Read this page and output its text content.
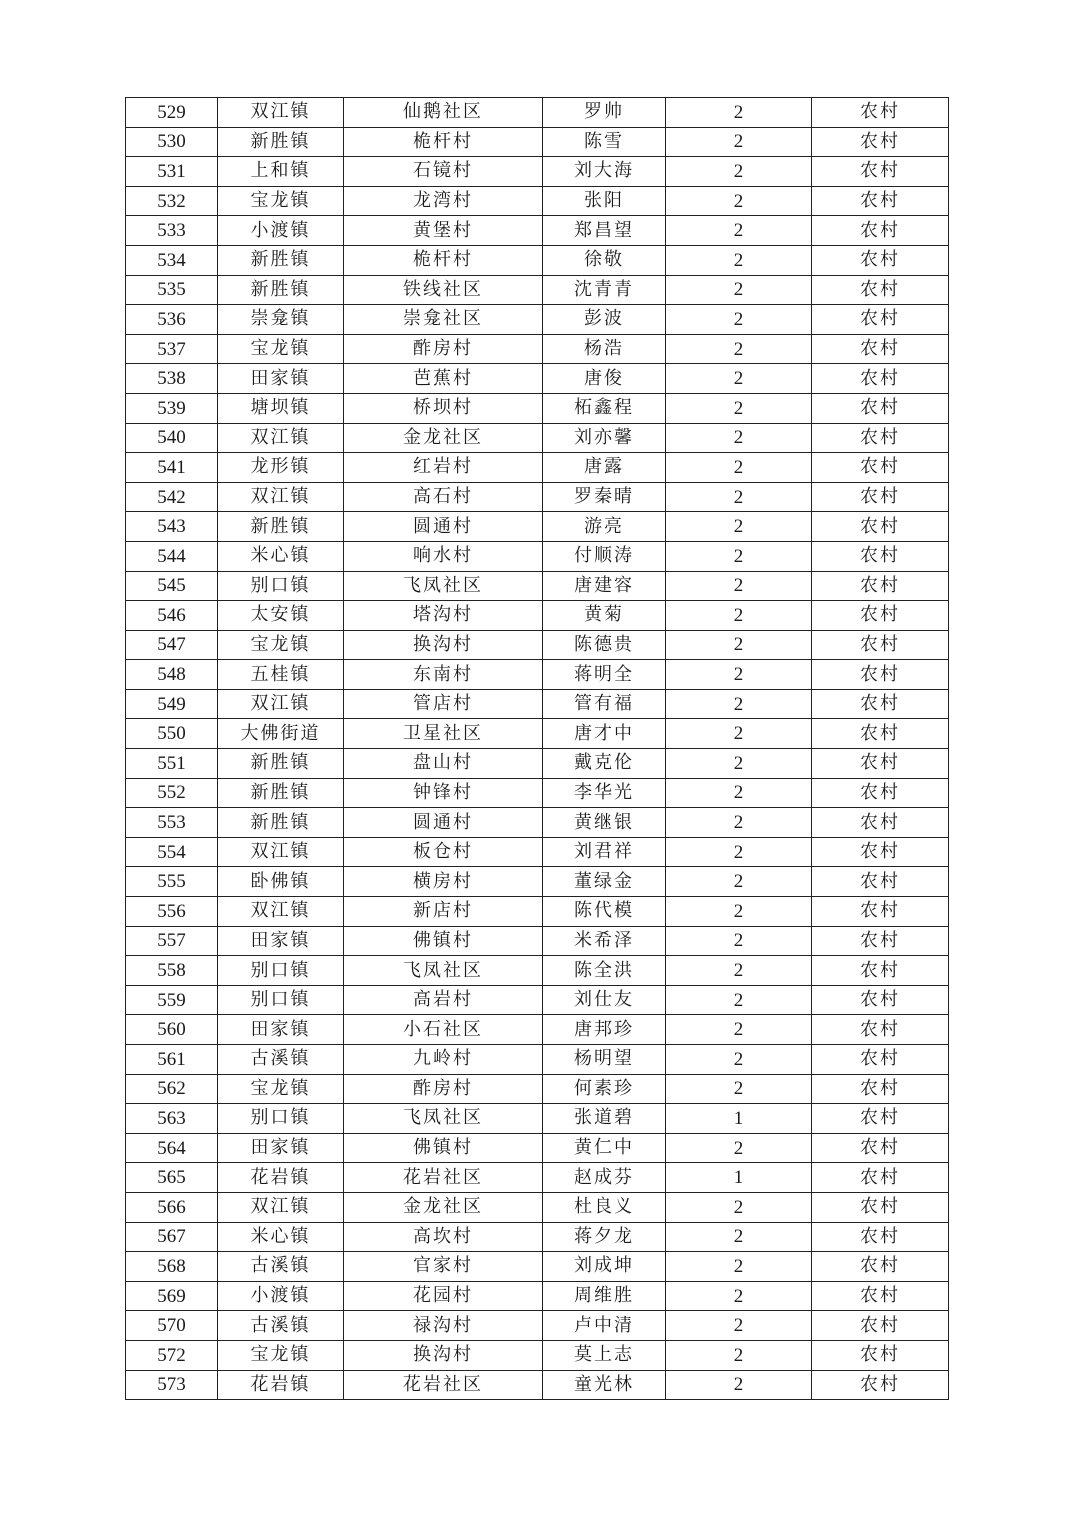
529	双江镇	仙鹅社区	罗帅	2	农村
530	新胜镇	桅杆村	陈雪	2	农村
531	上和镇	石镜村	刘大海	2	农村
532	宝龙镇	龙湾村	张阳	2	农村
533	小渡镇	黄堡村	郑昌望	2	农村
534	新胜镇	桅杆村	徐敬	2	农村
535	新胜镇	铁线社区	沈青青	2	农村
536	崇龛镇	崇龛社区	彭波	2	农村
537	宝龙镇	酢房村	杨浩	2	农村
538	田家镇	芭蕉村	唐俊	2	农村
539	塘坝镇	桥坝村	柘鑫程	2	农村
540	双江镇	金龙社区	刘亦馨	2	农村
541	龙形镇	红岩村	唐露	2	农村
542	双江镇	高石村	罗秦晴	2	农村
543	新胜镇	圆通村	游亮	2	农村
544	米心镇	响水村	付顺涛	2	农村
545	别口镇	飞凤社区	唐建容	2	农村
546	太安镇	塔沟村	黄菊	2	农村
547	宝龙镇	换沟村	陈德贵	2	农村
548	五桂镇	东南村	蒋明全	2	农村
549	双江镇	管店村	管有福	2	农村
550	大佛街道	卫星社区	唐才中	2	农村
551	新胜镇	盘山村	戴克伦	2	农村
552	新胜镇	钟锋村	李华光	2	农村
553	新胜镇	圆通村	黄继银	2	农村
554	双江镇	板仓村	刘君祥	2	农村
555	卧佛镇	横房村	董绿金	2	农村
556	双江镇	新店村	陈代模	2	农村
557	田家镇	佛镇村	米希泽	2	农村
558	别口镇	飞凤社区	陈全洪	2	农村
559	别口镇	高岩村	刘仕友	2	农村
560	田家镇	小石社区	唐邦珍	2	农村
561	古溪镇	九岭村	杨明望	2	农村
562	宝龙镇	酢房村	何素珍	2	农村
563	别口镇	飞凤社区	张道碧	1	农村
564	田家镇	佛镇村	黄仁中	2	农村
565	花岩镇	花岩社区	赵成芬	1	农村
566	双江镇	金龙社区	杜良义	2	农村
567	米心镇	高坎村	蒋夕龙	2	农村
568	古溪镇	官家村	刘成坤	2	农村
569	小渡镇	花园村	周维胜	2	农村
570	古溪镇	禄沟村	卢中清	2	农村
572	宝龙镇	换沟村	莫上志	2	农村
573	花岩镇	花岩社区	童光林	2	农村
